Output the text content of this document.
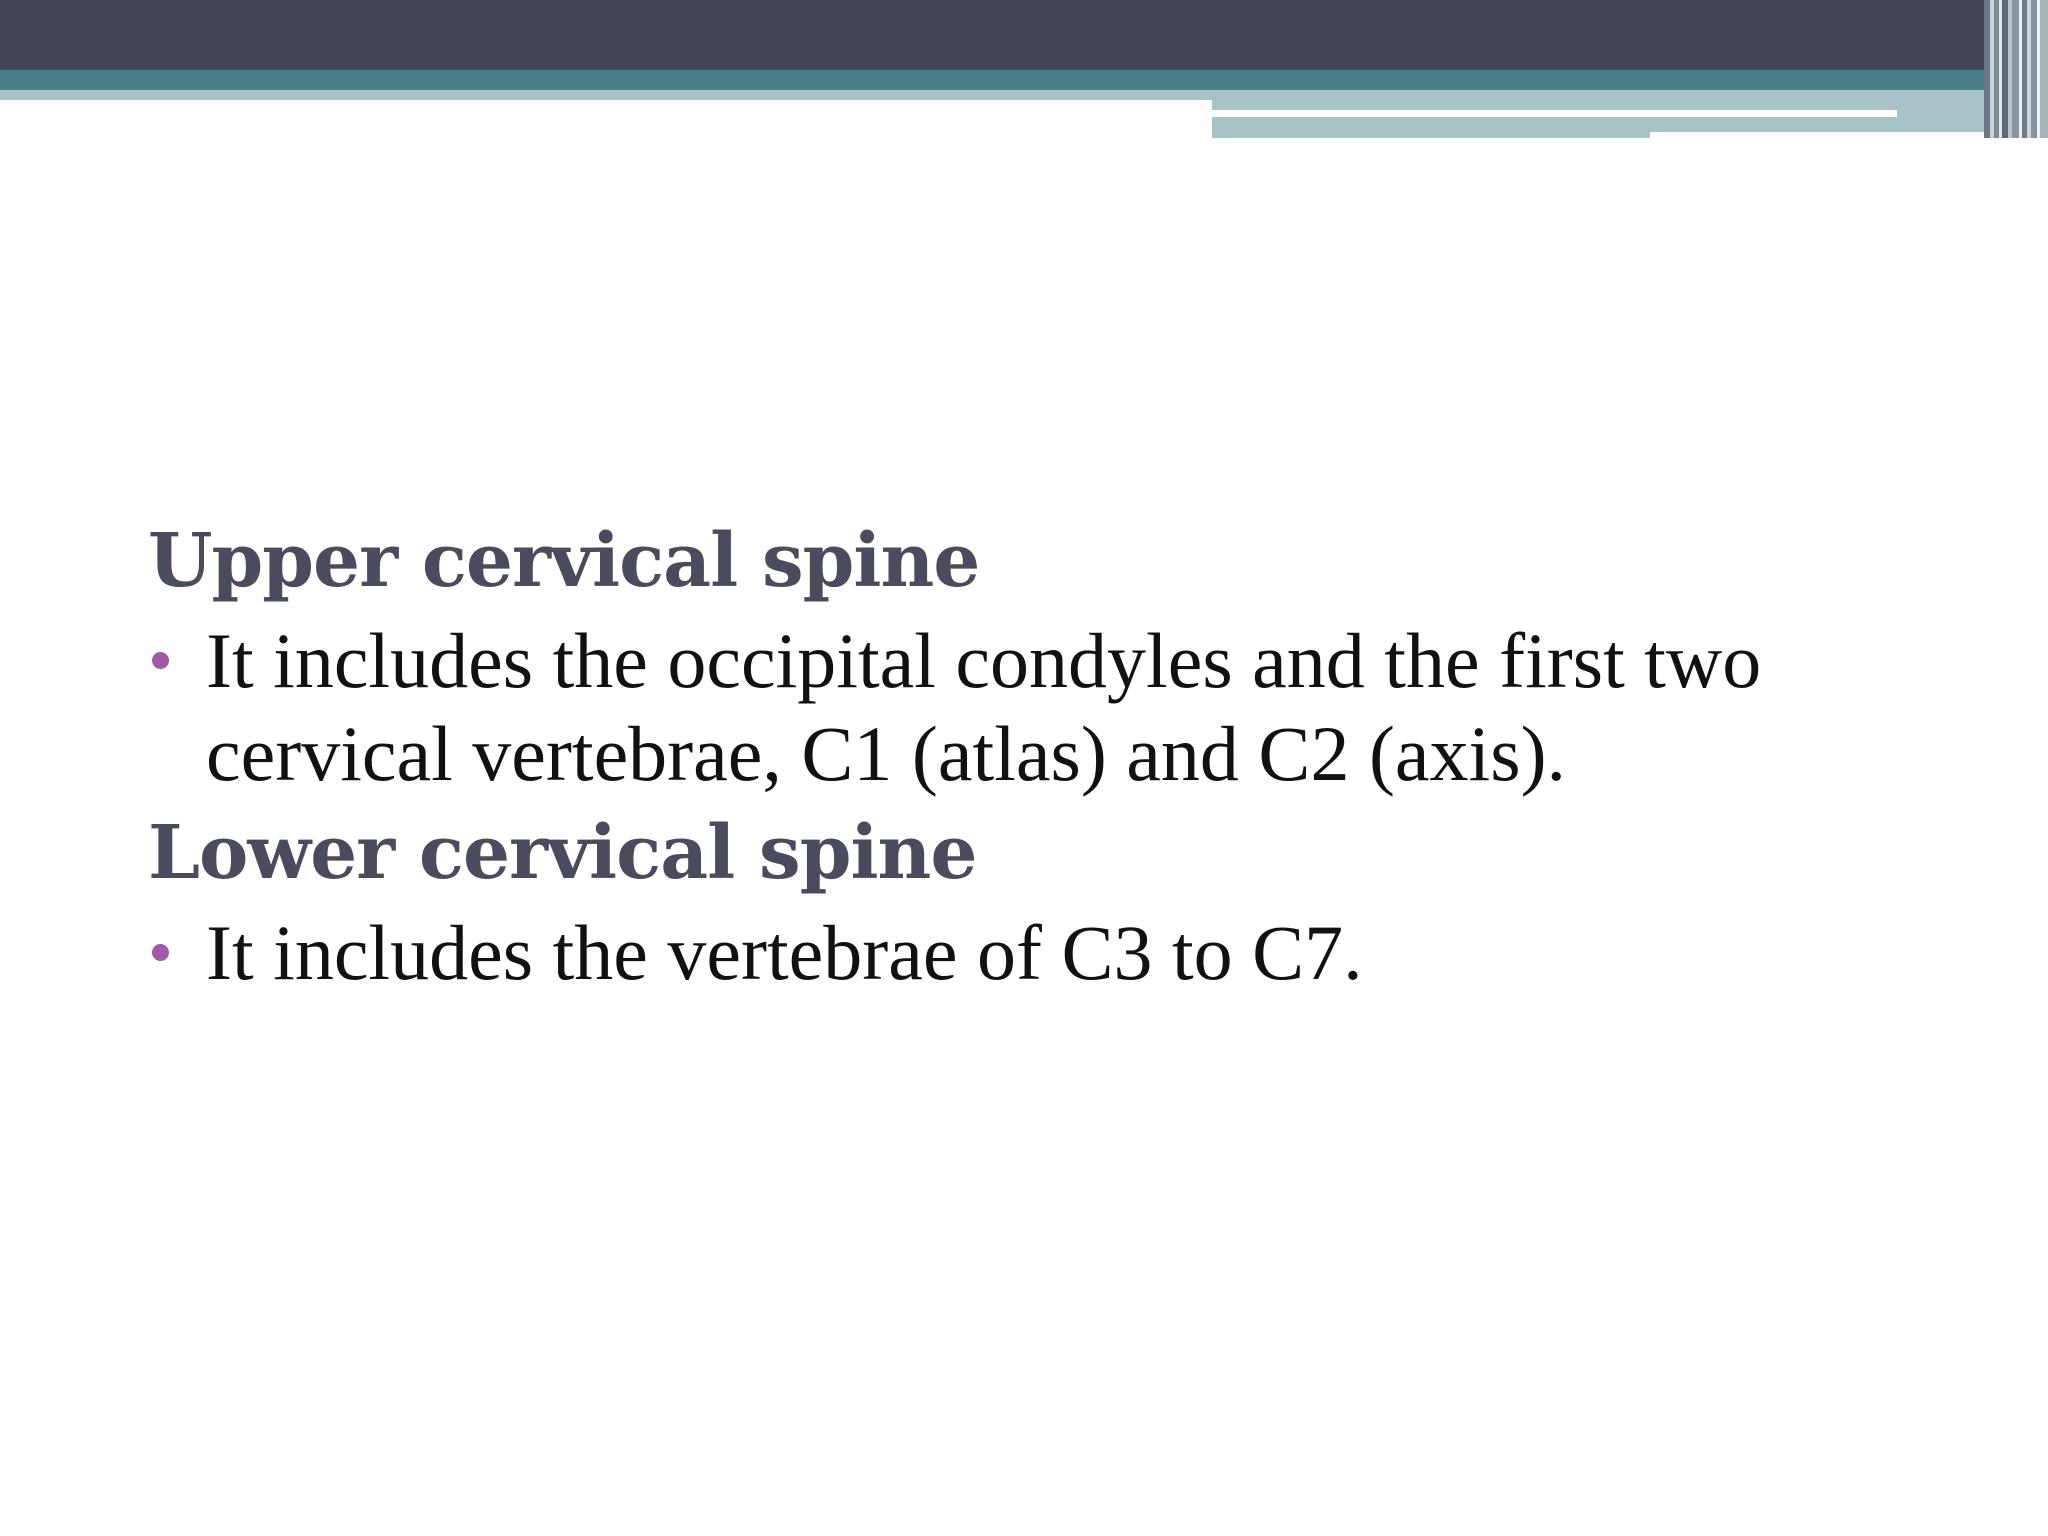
Upper cervical spine
It includes the occipital condyles and the first two cervical vertebrae, C1 (atlas) and C2 (axis).
Lower cervical spine
It includes the vertebrae of C3 to C7.
